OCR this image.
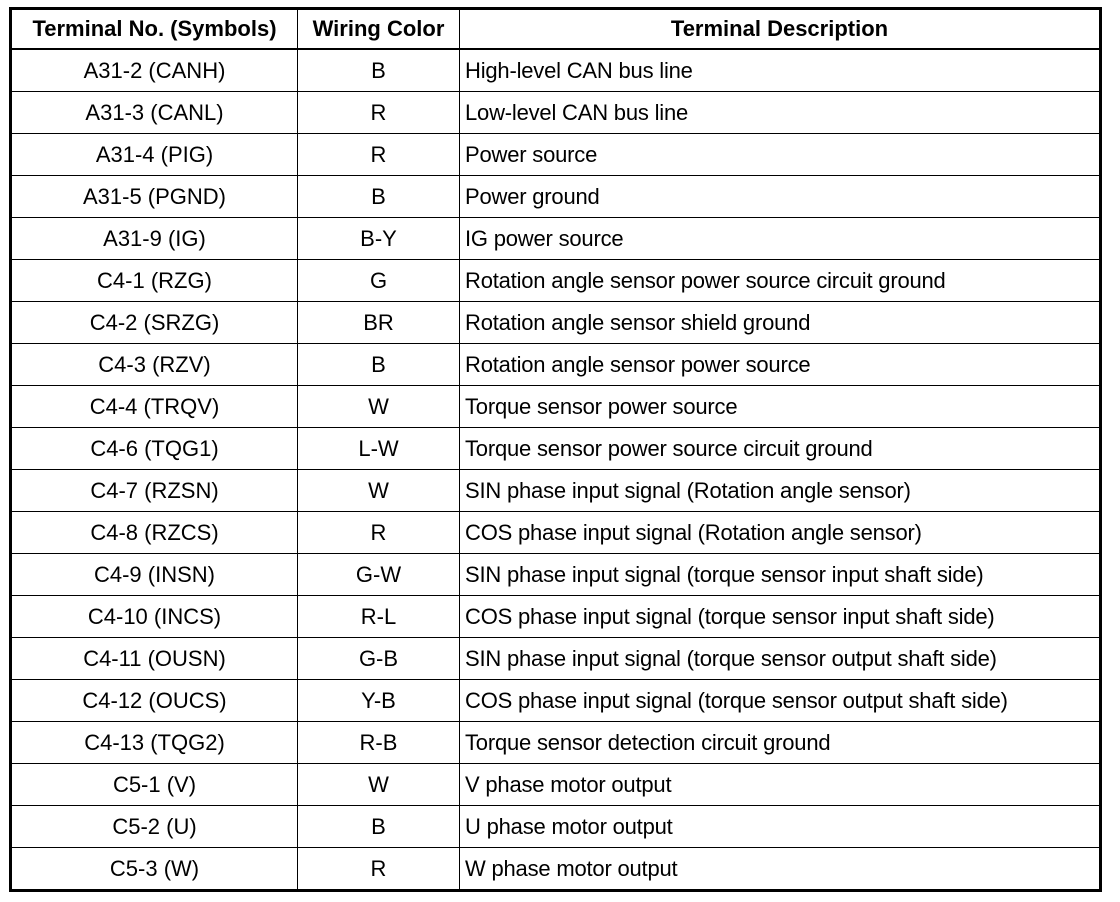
Terminal No. (Symbols)	Wiring Color	Terminal Description
A31-2 (CANH)	B	High-level CAN bus line
A31-3 (CANL)	R	Low-level CAN bus line
A31-4 (PIG)	R	Power source
A31-5 (PGND)	B	Power ground
A31-9 (IG)	B-Y	IG power source
C4-1 (RZG)	G	Rotation angle sensor power source circuit ground
C4-2 (SRZG)	BR	Rotation angle sensor shield ground
C4-3 (RZV)	B	Rotation angle sensor power source
C4-4 (TRQV)	W	Torque sensor power source
C4-6 (TQG1)	L-W	Torque sensor power source circuit ground
C4-7 (RZSN)	W	SIN phase input signal (Rotation angle sensor)
C4-8 (RZCS)	R	COS phase input signal (Rotation angle sensor)
C4-9 (INSN)	G-W	SIN phase input signal (torque sensor input shaft side)
C4-10 (INCS)	R-L	COS phase input signal (torque sensor input shaft side)
C4-11 (OUSN)	G-B	SIN phase input signal (torque sensor output shaft side)
C4-12 (OUCS)	Y-B	COS phase input signal (torque sensor output shaft side)
C4-13 (TQG2)	R-B	Torque sensor detection circuit ground
C5-1 (V)	W	V phase motor output
C5-2 (U)	B	U phase motor output
C5-3 (W)	R	W phase motor output
